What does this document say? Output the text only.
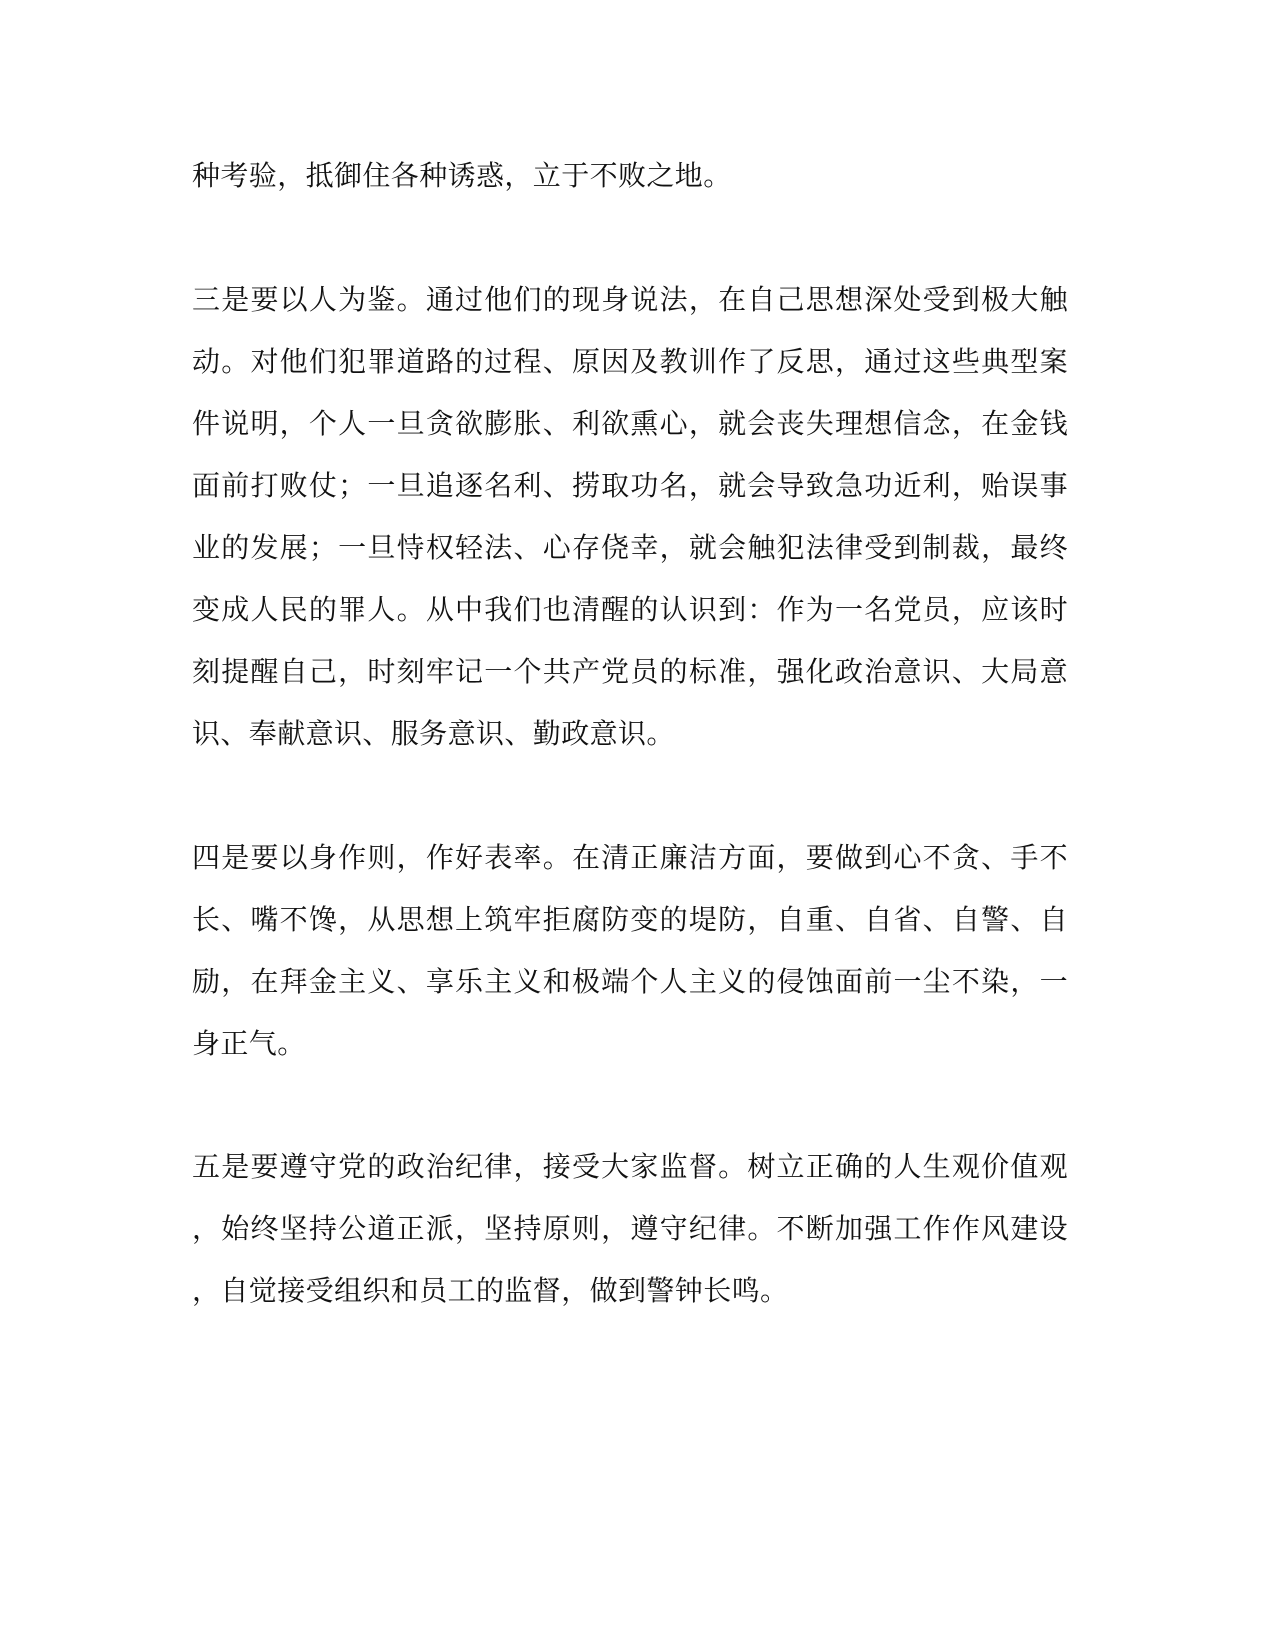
种考验，抵御住各种诱惑，立于不败之地。
三是要以人为鉴。通过他们的现身说法，在自己思想深处受到极大触
动。对他们犯罪道路的过程、原因及教训作了反思，通过这些典型案
件说明，个人一旦贪欲膨胀、利欲熏心，就会丧失理想信念，在金钱
面前打败仗；一旦追逐名利、捞取功名，就会导致急功近利，贻误事
业的发展；一旦恃权轻法、心存侥幸，就会触犯法律受到制裁，最终
变成人民的罪人。从中我们也清醒的认识到：作为一名党员，应该时
刻提醒自己，时刻牢记一个共产党员的标准，强化政治意识、大局意
识、奉献意识、服务意识、勤政意识。
四是要以身作则，作好表率。在清正廉洁方面，要做到心不贪、手不
长、嘴不馋，从思想上筑牢拒腐防变的堤防，自重、自省、自警、自
励，在拜金主义、享乐主义和极端个人主义的侵蚀面前一尘不染，一
身正气。
五是要遵守党的政治纪律，接受大家监督。树立正确的人生观价值观
，始终坚持公道正派，坚持原则，遵守纪律。不断加强工作作风建设
，自觉接受组织和员工的监督，做到警钟长鸣。
